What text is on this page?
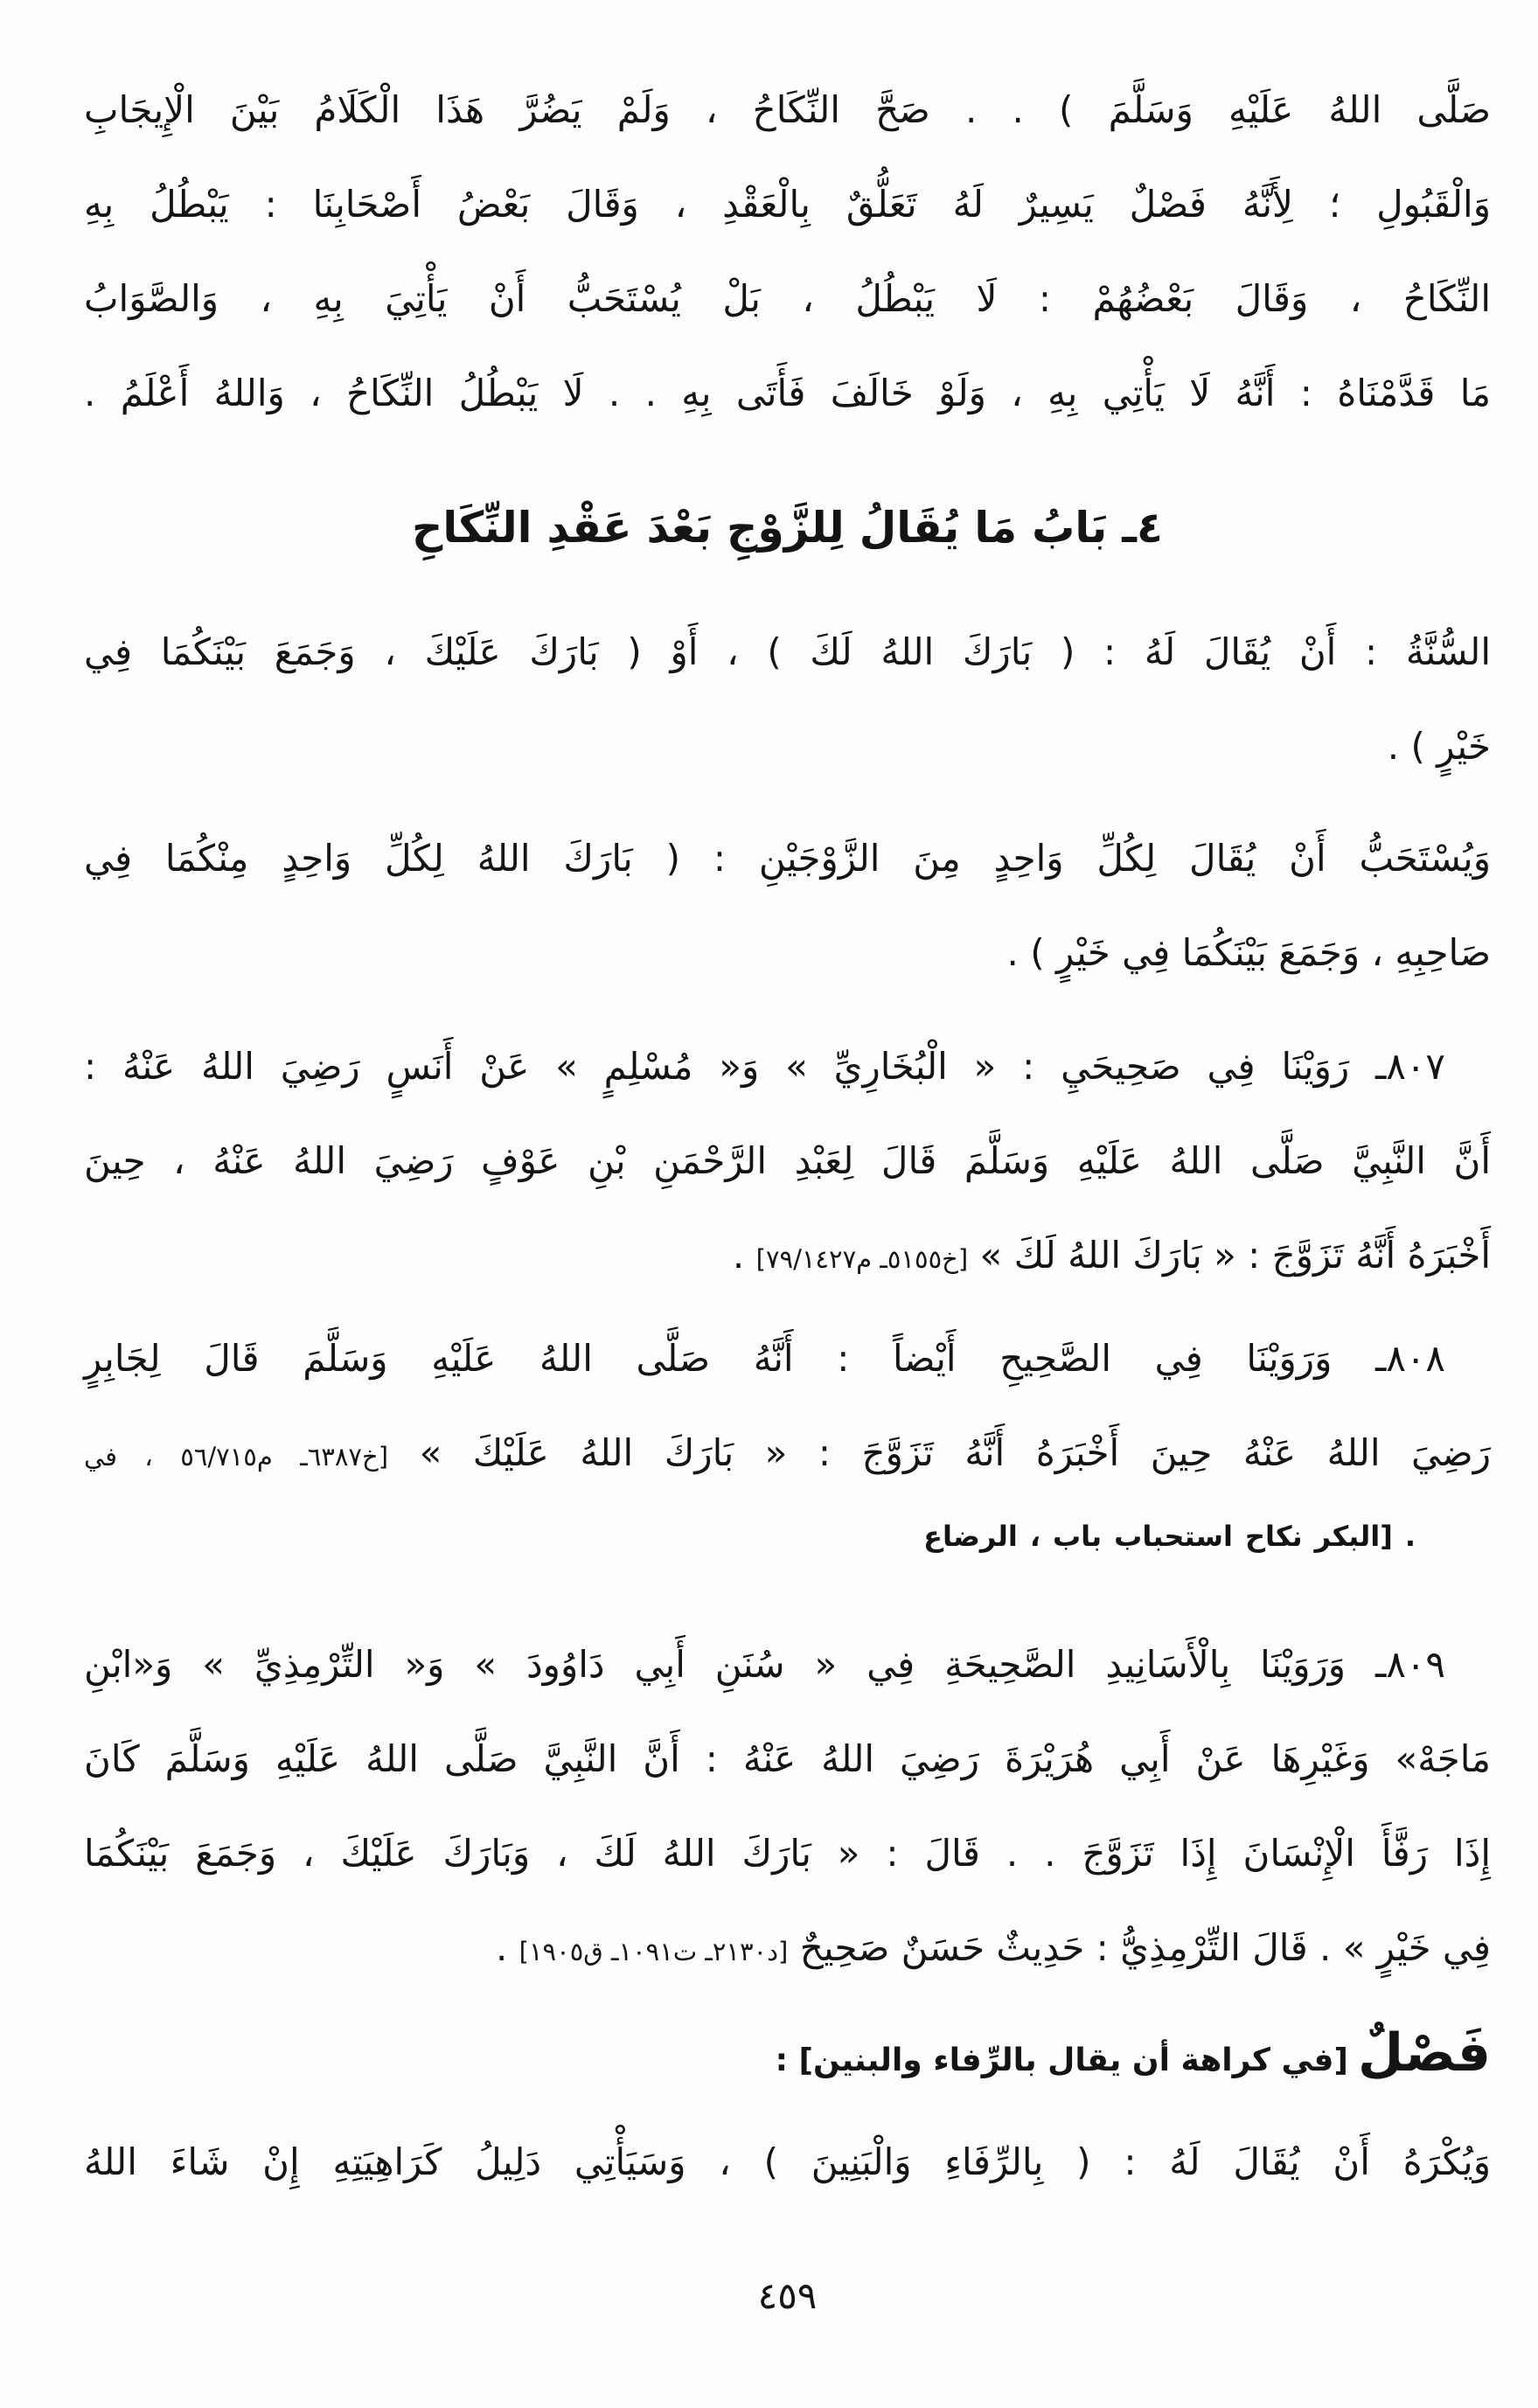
صَلَّى اللهُ عَلَيْهِ وَسَلَّمَ ) . . صَحَّ النِّكَاحُ ، وَلَمْ يَضُرَّ هَذَا الْكَلَامُ بَيْنَ الْإِيجَابِ
وَالْقَبُولِ ؛ لِأَنَّهُ فَصْلٌ يَسِيرٌ لَهُ تَعَلُّقٌ بِالْعَقْدِ ، وَقَالَ بَعْضُ أَصْحَابِنَا : يَبْطُلُ بِهِ
النِّكَاحُ ، وَقَالَ بَعْضُهُمْ : لَا يَبْطُلُ ، بَلْ يُسْتَحَبُّ أَنْ يَأْتِيَ بِهِ ، وَالصَّوَابُ
مَا قَدَّمْنَاهُ : أَنَّهُ لَا يَأْتِي بِهِ ، وَلَوْ خَالَفَ فَأَتَى بِهِ . . لَا يَبْطُلُ النِّكَاحُ ، وَاللهُ أَعْلَمُ .
٤ـ بَابُ مَا يُقَالُ لِلزَّوْجِ بَعْدَ عَقْدِ النِّكَاحِ
السُّنَّةُ : أَنْ يُقَالَ لَهُ : ( بَارَكَ اللهُ لَكَ ) ، أَوْ ( بَارَكَ عَلَيْكَ ، وَجَمَعَ بَيْنَكُمَا فِي
خَيْرٍ ) .
وَيُسْتَحَبُّ أَنْ يُقَالَ لِكُلِّ وَاحِدٍ مِنَ الزَّوْجَيْنِ : ( بَارَكَ اللهُ لِكُلِّ وَاحِدٍ مِنْكُمَا فِي
صَاحِبِهِ ، وَجَمَعَ بَيْنَكُمَا فِي خَيْرٍ ) .
٨٠٧ـ رَوَيْنَا فِي صَحِيحَيِ : « الْبُخَارِيِّ » وَ« مُسْلِمٍ » عَنْ أَنَسٍ رَضِيَ اللهُ عَنْهُ :
أَنَّ النَّبِيَّ صَلَّى اللهُ عَلَيْهِ وَسَلَّمَ قَالَ لِعَبْدِ الرَّحْمَنِ بْنِ عَوْفٍ رَضِيَ اللهُ عَنْهُ ، حِينَ
أَخْبَرَهُ أَنَّهُ تَزَوَّجَ : « بَارَكَ اللهُ لَكَ » [خ٥١٥٥ـ م٧٩/١٤٢٧] .
٨٠٨ـ وَرَوَيْنَا فِي الصَّحِيحِ أَيْضاً : أَنَّهُ صَلَّى اللهُ عَلَيْهِ وَسَلَّمَ قَالَ لِجَابِرٍ
رَضِيَ اللهُ عَنْهُ حِينَ أَخْبَرَهُ أَنَّهُ تَزَوَّجَ : « بَارَكَ اللهُ عَلَيْكَ » [خ٦٣٨٧ـ م٥٦/٧١٥ ، في
الرضاع ، باب استحباب نكاح البكر] .
٨٠٩ـ وَرَوَيْنَا بِالْأَسَانِيدِ الصَّحِيحَةِ فِي « سُنَنِ أَبِي دَاوُودَ » وَ« التِّرْمِذِيِّ » وَ«ابْنِ
مَاجَهْ» وَغَيْرِهَا عَنْ أَبِي هُرَيْرَةَ رَضِيَ اللهُ عَنْهُ : أَنَّ النَّبِيَّ صَلَّى اللهُ عَلَيْهِ وَسَلَّمَ كَانَ
إِذَا رَفَّأَ الْإِنْسَانَ إِذَا تَزَوَّجَ . . قَالَ : « بَارَكَ اللهُ لَكَ ، وَبَارَكَ عَلَيْكَ ، وَجَمَعَ بَيْنَكُمَا
فِي خَيْرٍ » . قَالَ التِّرْمِذِيُّ : حَدِيثٌ حَسَنٌ صَحِيحٌ [د٢١٣٠ـ ت١٠٩١ـ ق١٩٠٥] .
فَصْلٌ [في كراهة أن يقال بالرِّفاء والبنين] :
وَيُكْرَهُ أَنْ يُقَالَ لَهُ : ( بِالرِّفَاءِ وَالْبَنِينَ ) ، وَسَيَأْتِي دَلِيلُ كَرَاهِيَتِهِ إِنْ شَاءَ اللهُ
٤٥٩
